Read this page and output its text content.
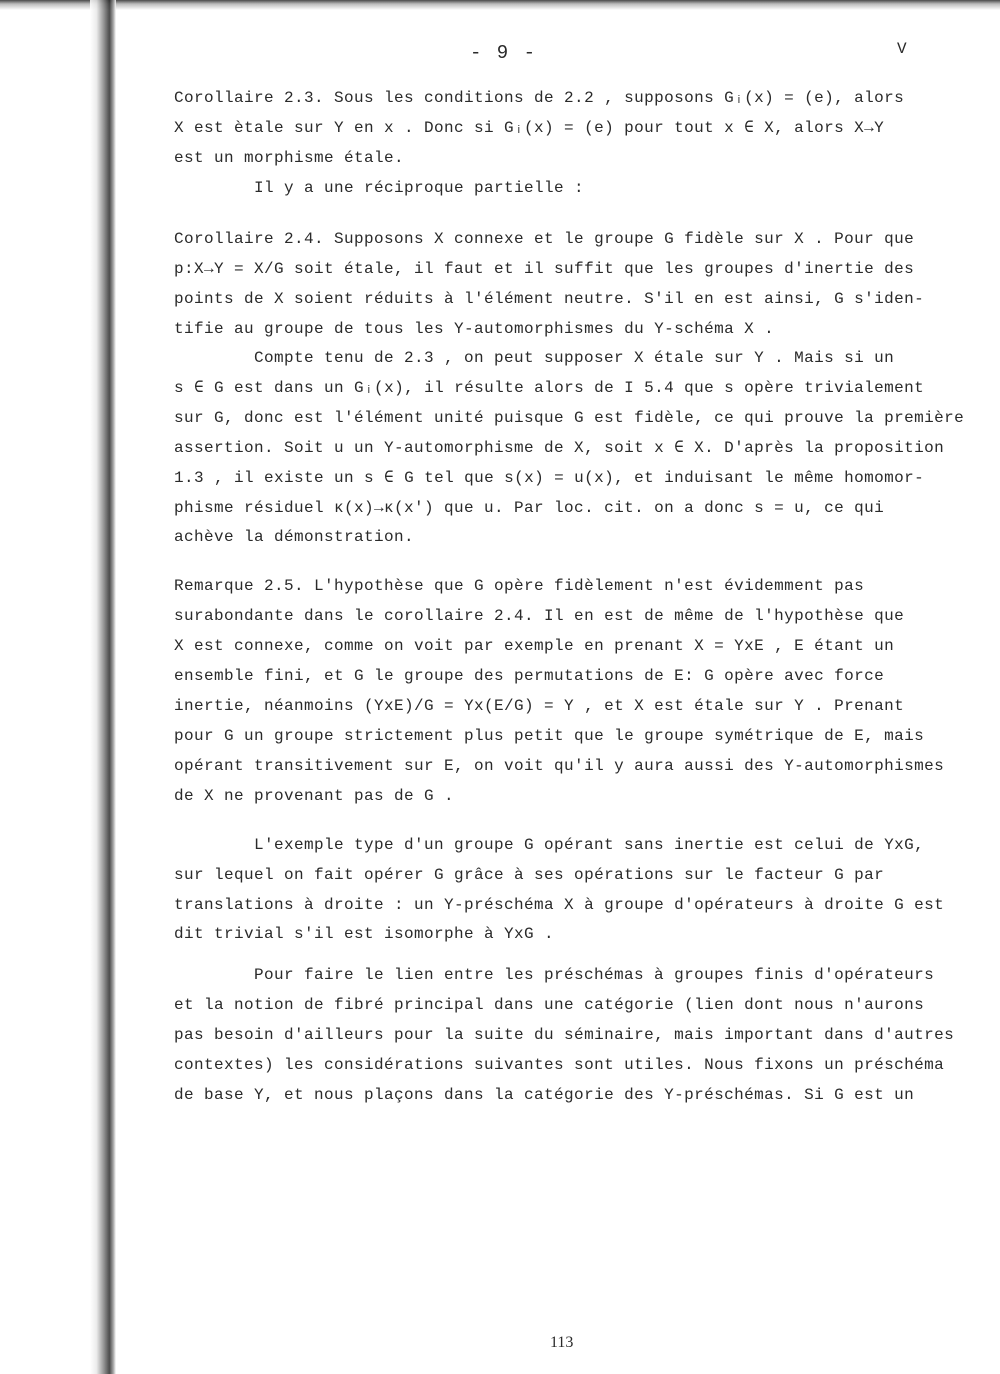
- 9 -	V
Corollaire 2.3. Sous les conditions de 2.2 , supposons Gᵢ(x) = (e), alors
X est ètale sur Y en x . Donc si Gᵢ(x) = (e) pour tout x ∈ X, alors X→Y
est un morphisme étale.
Il y a une réciproque partielle :
Corollaire 2.4. Supposons X connexe et le groupe G fidèle sur X . Pour que
p:X→Y = X/G soit étale, il faut et il suffit que les groupes d'inertie des
points de X soient réduits à l'élément neutre. S'il en est ainsi, G s'iden-
tifie au groupe de tous les Y-automorphismes du Y-schéma X .
Compte tenu de 2.3 , on peut supposer X étale sur Y . Mais si un
s ∈ G est dans un Gᵢ(x), il résulte alors de I 5.4 que s opère trivialement
sur G, donc est l'élément unité puisque G est fidèle, ce qui prouve la première
assertion. Soit u un Y-automorphisme de X, soit x ∈ X. D'après la proposition
1.3 , il existe un s ∈ G tel que s(x) = u(x), et induisant le même homomor-
phisme résiduel κ(x)→κ(x') que u. Par loc. cit. on a donc s = u, ce qui
achève la démonstration.
Remarque 2.5. L'hypothèse que G opère fidèlement n'est évidemment pas
surabondante dans le corollaire 2.4. Il en est de même de l'hypothèse que
X est connexe, comme on voit par exemple en prenant X = YxE , E étant un
ensemble fini, et G le groupe des permutations de E: G opère avec force
inertie, néanmoins (YxE)/G = Yx(E/G) = Y , et X est étale sur Y . Prenant
pour G un groupe strictement plus petit que le groupe symétrique de E, mais
opérant transitivement sur E, on voit qu'il y aura aussi des Y-automorphismes
de X ne provenant pas de G .
L'exemple type d'un groupe G opérant sans inertie est celui de YxG,
sur lequel on fait opérer G grâce à ses opérations sur le facteur G par
translations à droite : un Y-préschéma X à groupe d'opérateurs à droite G est
dit trivial s'il est isomorphe à YxG .
Pour faire le lien entre les préschémas à groupes finis d'opérateurs
et la notion de fibré principal dans une catégorie (lien dont nous n'aurons
pas besoin d'ailleurs pour la suite du séminaire, mais important dans d'autres
contextes) les considérations suivantes sont utiles. Nous fixons un préschéma
de base Y, et nous plaçons dans la catégorie des Y-préschémas. Si G est un
113
